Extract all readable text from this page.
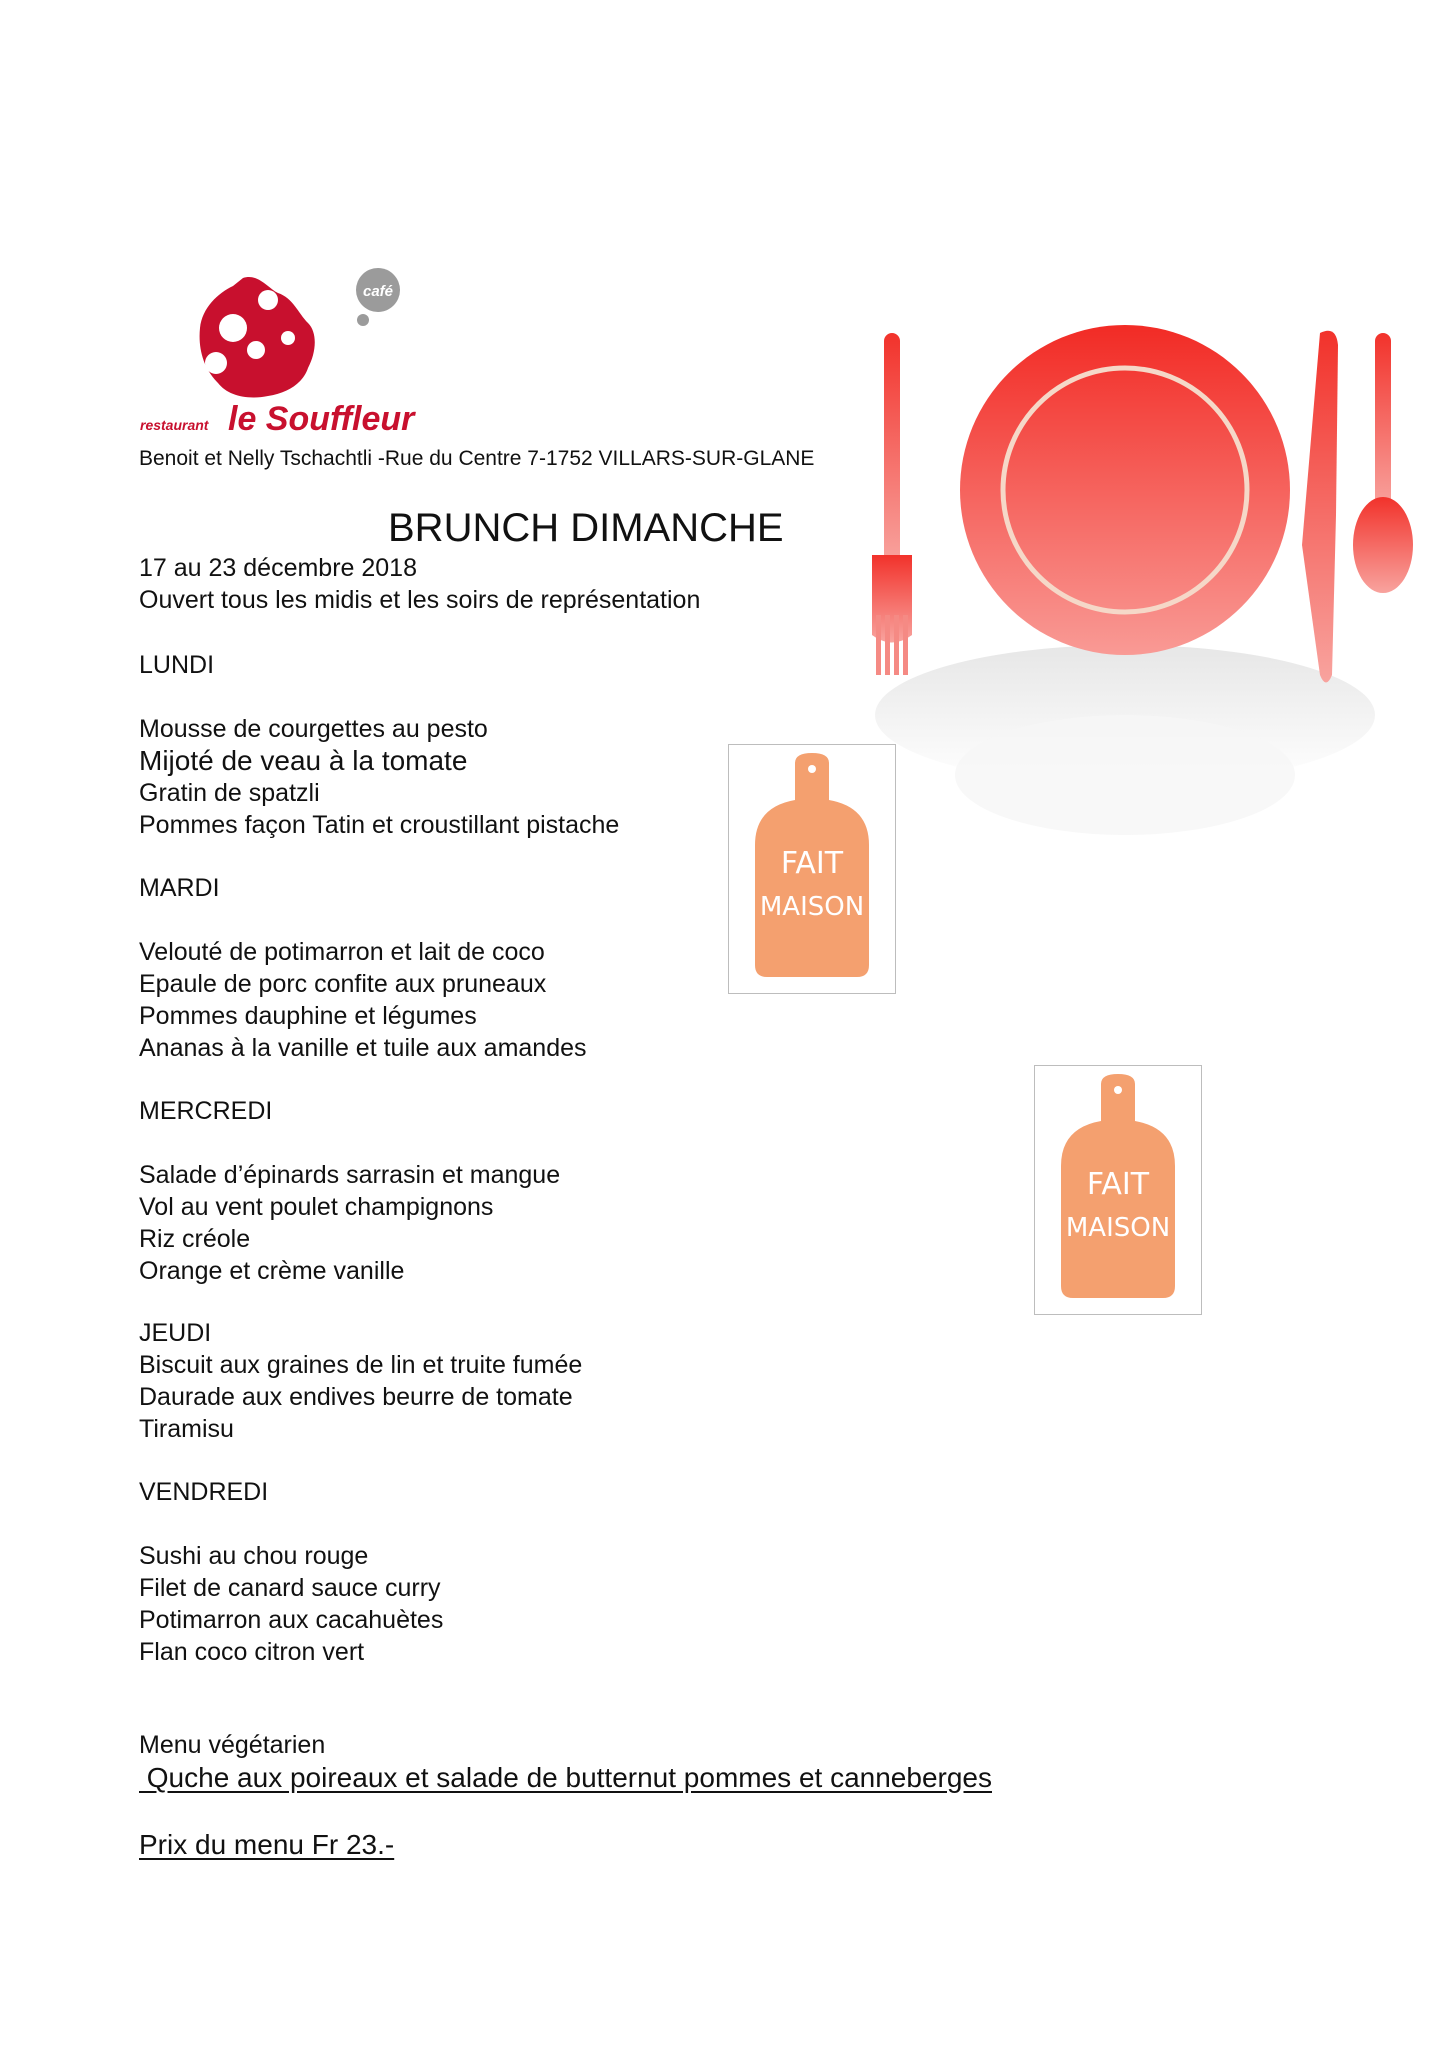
café
restaurant le Souffleur
Benoit et Nelly Tschachtli -Rue du Centre 7-1752 VILLARS-SUR-GLANE
BRUNCH DIMANCHE
17 au 23 décembre 2018
Ouvert tous les midis et les soirs de représentation
LUNDI
Mousse de courgettes au pesto
Mijoté de veau à la tomate
Gratin de spatzli
Pommes façon Tatin et croustillant pistache
MARDI
Velouté de potimarron et lait de coco
Epaule de porc confite aux pruneaux
Pommes dauphine et légumes
Ananas à la vanille et tuile aux amandes
MERCREDI
Salade d’épinards sarrasin et mangue
Vol au vent poulet champignons
Riz créole
Orange et crème vanille
JEUDI
Biscuit aux graines de lin et truite fumée
Daurade aux endives beurre de tomate
Tiramisu
VENDREDI
Sushi au chou rouge
Filet de canard sauce curry
Potimarron aux cacahuètes
Flan coco citron vert
Menu végétarien
Quche aux poireaux et salade de butternut pommes et canneberges
Prix du menu Fr 23.-
FAIT
MAISON
FAIT
MAISON
